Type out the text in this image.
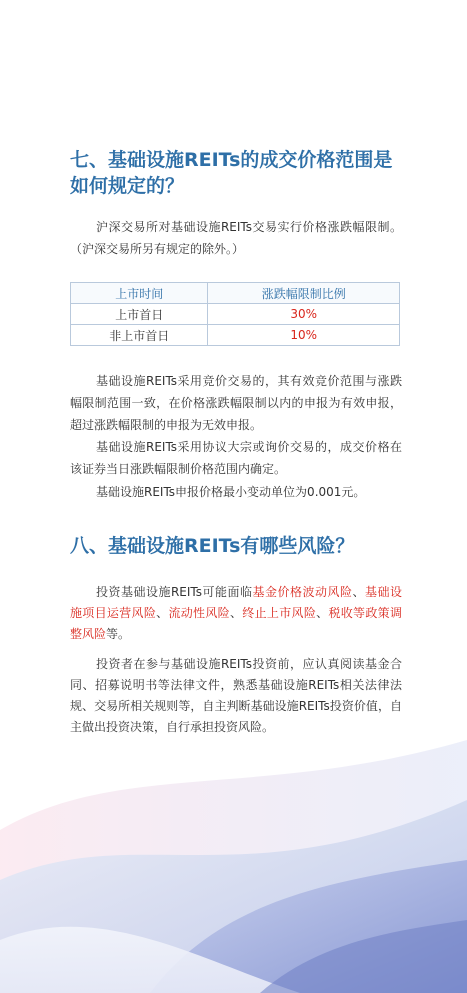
七、基础设施REITs的成交价格范围是
如何规定的？

沪深交易所对基础设施REITs交易实行价格涨跌幅限制。（沪深交易所另有规定的除外。）

上市时间	涨跌幅限制比例
上市首日	30%
非上市首日	10%

基础设施REITs采用竞价交易的，其有效竞价范围与涨跌幅限制范围一致，在价格涨跌幅限制以内的申报为有效申报，超过涨跌幅限制的申报为无效申报。

基础设施REITs采用协议大宗或询价交易的，成交价格在该证券当日涨跌幅限制价格范围内确定。

基础设施REITs申报价格最小变动单位为0.001元。

八、基础设施REITs有哪些风险？

投资基础设施REITs可能面临基金价格波动风险、基础设施项目运营风险、流动性风险、终止上市风险、税收等政策调整风险等。

投资者在参与基础设施REITs投资前，应认真阅读基金合同、招募说明书等法律文件，熟悉基础设施REITs相关法律法规、交易所相关规则等，自主判断基础设施REITs投资价值，自主做出投资决策，自行承担投资风险。
